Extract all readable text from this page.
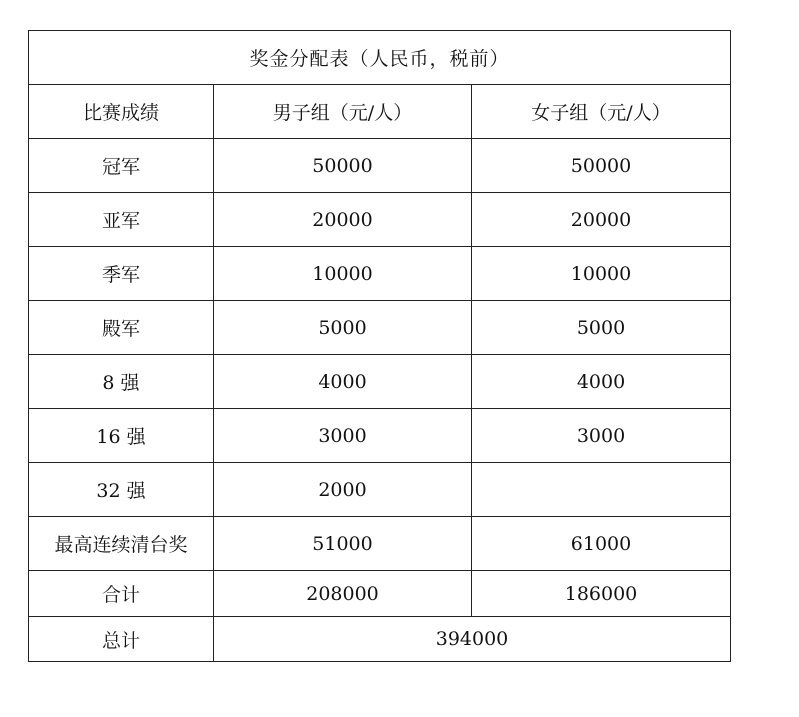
奖金分配表（人民币，税前）		
比赛成绩	男子组（元/人）	女子组（元/人）
冠军	50000	50000
亚军	20000	20000
季军	10000	10000
殿军	5000	5000
8 强	4000	4000
16 强	3000	3000
32 强	2000	
最高连续清台奖	51000	61000
合计	208000	186000
总计	394000	
